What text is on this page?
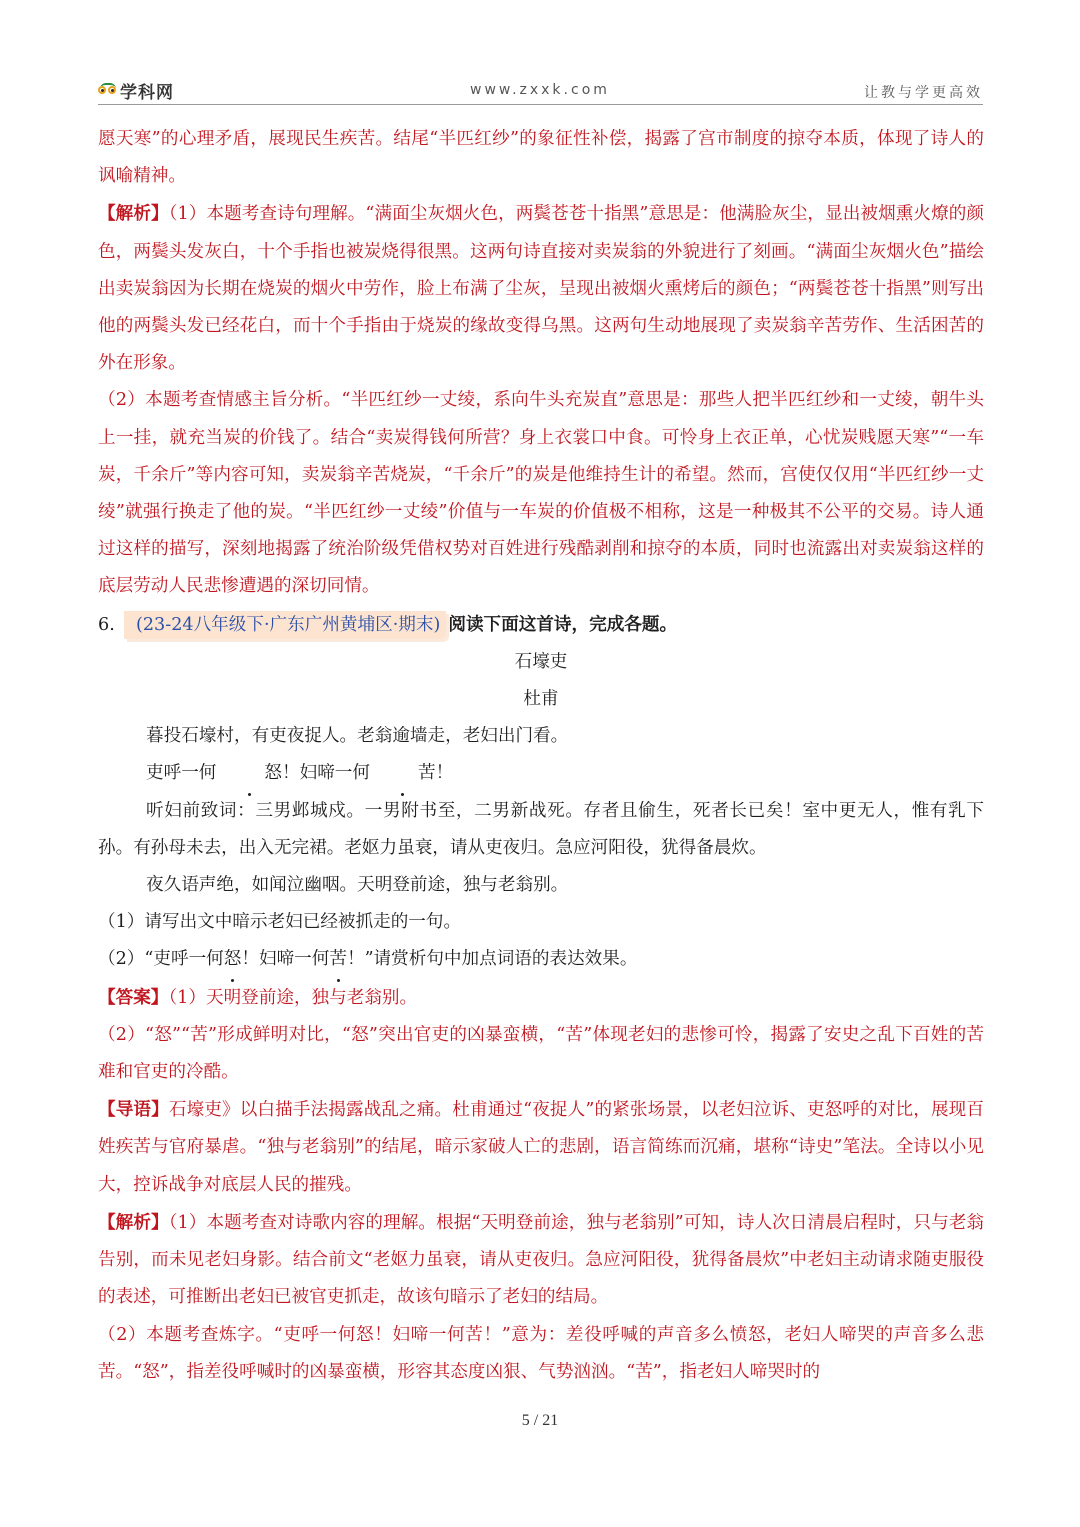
学科网	www.zxxk.com	让教与学更高效

愿天寒”的心理矛盾，展现民生疾苦。结尾“半匹红纱”的象征性补偿，揭露了宫市制度的掠夺本质，体现了诗人的讽喻精神。

【解析】（1）本题考查诗句理解。“满面尘灰烟火色，两鬓苍苍十指黑”意思是：他满脸灰尘，显出被烟熏火燎的颜色，两鬓头发灰白，十个手指也被炭烧得很黑。这两句诗直接对卖炭翁的外貌进行了刻画。“满面尘灰烟火色”描绘出卖炭翁因为长期在烧炭的烟火中劳作，脸上布满了尘灰，呈现出被烟火熏烤后的颜色；“两鬓苍苍十指黑”则写出他的两鬓头发已经花白，而十个手指由于烧炭的缘故变得乌黑。这两句生动地展现了卖炭翁辛苦劳作、生活困苦的外在形象。

（2）本题考查情感主旨分析。“半匹红纱一丈绫，系向牛头充炭直”意思是：那些人把半匹红纱和一丈绫，朝牛头上一挂，就充当炭的价钱了。结合“卖炭得钱何所营？身上衣裳口中食。可怜身上衣正单，心忧炭贱愿天寒”“一车炭，千余斤”等内容可知，卖炭翁辛苦烧炭，“千余斤”的炭是他维持生计的希望。然而，宫使仅仅用“半匹红纱一丈绫”就强行换走了他的炭。“半匹红纱一丈绫”价值与一车炭的价值极不相称，这是一种极其不公平的交易。诗人通过这样的描写，深刻地揭露了统治阶级凭借权势对百姓进行残酷剥削和掠夺的本质，同时也流露出对卖炭翁这样的底层劳动人民悲惨遭遇的深切同情。

6. (23-24八年级下·广东广州黄埔区·期末) 阅读下面这首诗，完成各题。

石壕吏

杜甫

暮投石壕村，有吏夜捉人。老翁逾墙走，老妇出门看。

吏呼一何	怒！妇啼一何	苦！

听妇前致词：三男邺城戍。一男附书至，二男新战死。存者且偷生，死者长已矣！室中更无人，惟有乳下孙。有孙母未去，出入无完裙。老妪力虽衰，请从吏夜归。急应河阳役，犹得备晨炊。

夜久语声绝，如闻泣幽咽。天明登前途，独与老翁别。

（1）请写出文中暗示老妇已经被抓走的一句。

（2）“吏呼一何怒！妇啼一何苦！”请赏析句中加点词语的表达效果。

【答案】（1）天明登前途，独与老翁别。

（2）“怒”“苦”形成鲜明对比，“怒”突出官吏的凶暴蛮横，“苦”体现老妇的悲惨可怜，揭露了安史之乱下百姓的苦难和官吏的冷酷。

【导语】石壕吏》以白描手法揭露战乱之痛。杜甫通过“夜捉人”的紧张场景，以老妇泣诉、吏怒呼的对比，展现百姓疾苦与官府暴虐。“独与老翁别”的结尾，暗示家破人亡的悲剧，语言简练而沉痛，堪称“诗史”笔法。全诗以小见大，控诉战争对底层人民的摧残。

【解析】（1）本题考查对诗歌内容的理解。根据“天明登前途，独与老翁别”可知，诗人次日清晨启程时，只与老翁告别，而未见老妇身影。结合前文“老妪力虽衰，请从吏夜归。急应河阳役，犹得备晨炊”中老妇主动请求随吏服役的表述，可推断出老妇已被官吏抓走，故该句暗示了老妇的结局。

（2）本题考查炼字。“吏呼一何怒！妇啼一何苦！”意为：差役呼喊的声音多么愤怒，老妇人啼哭的声音多么悲苦。“怒”，指差役呼喊时的凶暴蛮横，形容其态度凶狠、气势汹汹。“苦”，指老妇人啼哭时的

5 / 21
